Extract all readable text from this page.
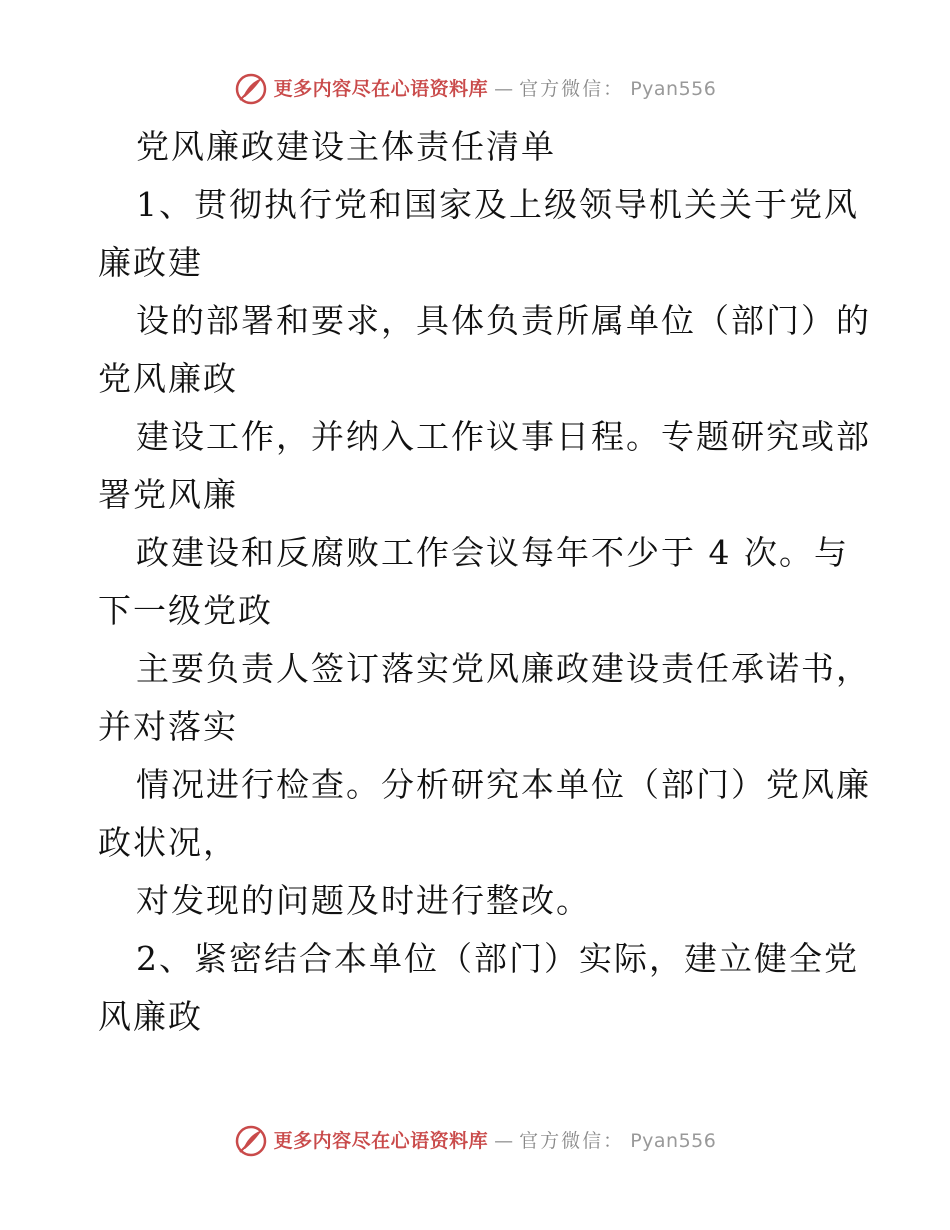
更多内容尽在心语资料库 — 官方微信： Pyan556
党风廉政建设主体责任清单
1、贯彻执行党和国家及上级领导机关关于党风
廉政建
设的部署和要求，具体负责所属单位（部门）的
党风廉政
建设工作，并纳入工作议事日程。专题研究或部
署党风廉
政建设和反腐败工作会议每年不少于 4 次。与
下一级党政
主要负责人签订落实党风廉政建设责任承诺书，
并对落实
情况进行检查。分析研究本单位（部门）党风廉
政状况，
对发现的问题及时进行整改。
2、紧密结合本单位（部门）实际，建立健全党
风廉政
更多内容尽在心语资料库 — 官方微信： Pyan556
